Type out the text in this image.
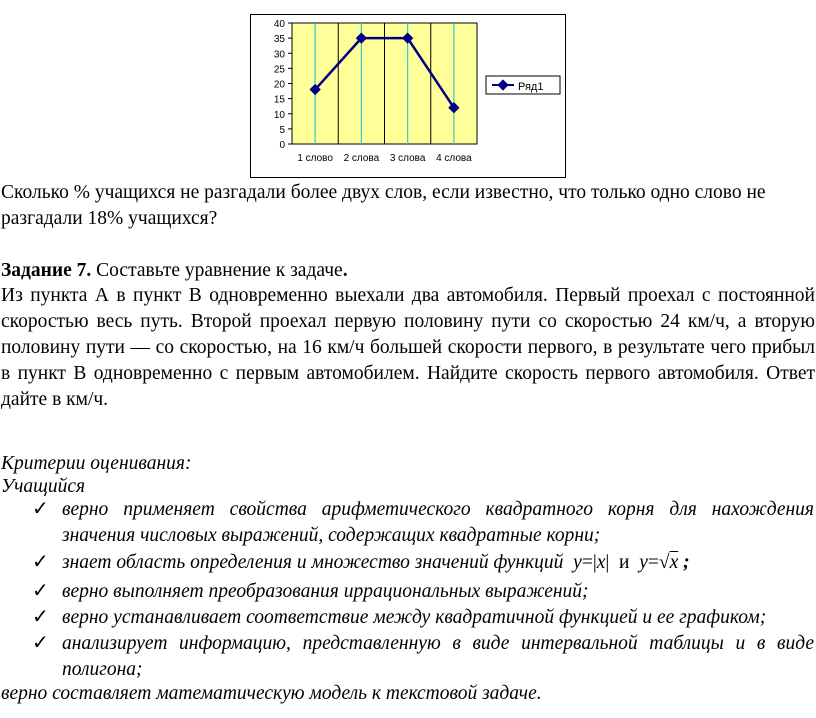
0
5
10
15
20
25
30
35
40
1 слово 2 слова 3 слова 4 слова
Ряд1
Сколько % учащихся не разгадали более двух слов, если известно, что только одно слово не разгадали 18% учащихся?
Задание 7. Составьте уравнение к задаче.
Из пункта А в пункт В одновременно выехали два автомобиля. Первый проехал с постоянной скоростью весь путь. Второй проехал первую половину пути со скоростью 24 км/ч, а вторую половину пути — со скоростью, на 16 км/ч большей скорости первого, в результате чего прибыл в пункт В одновременно с первым автомобилем. Найдите скорость первого автомобиля. Ответ дайте в км/ч.
Критерии оценивания:
Учащийся
✓ верно применяет свойства арифметического квадратного корня для нахождения значения числовых выражений, содержащих квадратные корни;
✓ знает область определения и множество значений функций y=|x| и y=√x ;
✓ верно выполняет преобразования иррациональных выражений;
✓ верно устанавливает соответствие между квадратичной функцией и ее графиком;
✓ анализирует информацию, представленную в виде интервальной таблицы и в виде полигона;
верно составляет математическую модель к текстовой задаче.
